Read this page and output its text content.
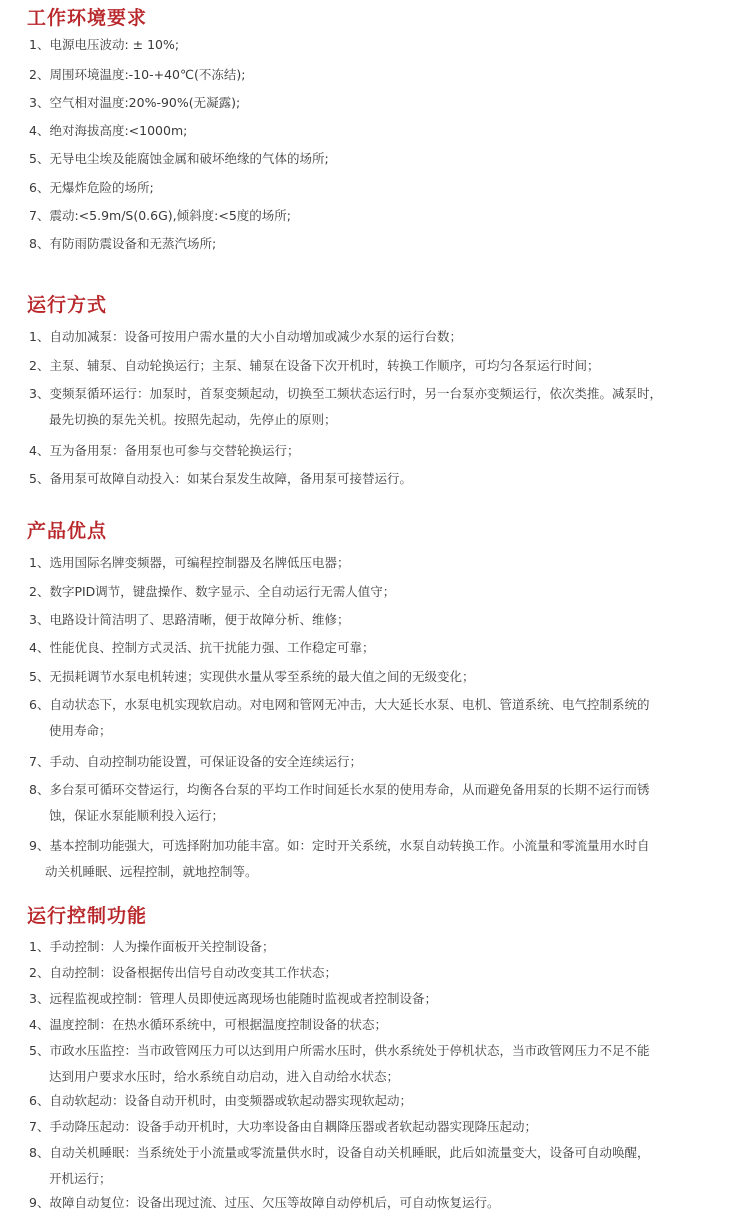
工作环境要求

1、电源电压波动: ± 10%;

2、周围环境温度:-10-+40℃(不冻结);

3、空气相对温度:20%-90%(无凝露);

4、绝对海拔高度:<1000m;

5、无导电尘埃及能腐蚀金属和破坏绝缘的气体的场所;

6、无爆炸危险的场所;

7、震动:<5.9m/S(0.6G),倾斜度:<5度的场所;

8、有防雨防震设备和无蒸汽场所;

运行方式

1、自动加减泵：设备可按用户需水量的大小自动增加或减少水泵的运行台数；

2、主泵、辅泵、自动轮换运行；主泵、辅泵在设备下次开机时，转换工作顺序，可均匀各泵运行时间；

3、变频泵循环运行：加泵时，首泵变频起动，切换至工频状态运行时，另一台泵亦变频运行，依次类推。减泵时，
最先切换的泵先关机。按照先起动，先停止的原则；

4、互为备用泵：备用泵也可参与交替轮换运行；

5、备用泵可故障自动投入：如某台泵发生故障，备用泵可接替运行。

产品优点

1、选用国际名牌变频器，可编程控制器及名牌低压电器；

2、数字PID调节，键盘操作、数字显示、全自动运行无需人值守；

3、电路设计简洁明了、思路清晰，便于故障分析、维修；

4、性能优良、控制方式灵活、抗干扰能力强、工作稳定可靠；

5、无损耗调节水泵电机转速；实现供水量从零至系统的最大值之间的无级变化；

6、自动状态下，水泵电机实现软启动。对电网和管网无冲击，大大延长水泵、电机、管道系统、电气控制系统的
使用寿命；

7、手动、自动控制功能设置，可保证设备的安全连续运行；

8、多台泵可循环交替运行，均衡各台泵的平均工作时间延长水泵的使用寿命，从而避免备用泵的长期不运行而锈
蚀，保证水泵能顺利投入运行；

9、基本控制功能强大，可选择附加功能丰富。如：定时开关系统，水泵自动转换工作。小流量和零流量用水时自
动关机睡眠、远程控制，就地控制等。

运行控制功能

1、手动控制：人为操作面板开关控制设备；

2、自动控制：设备根据传出信号自动改变其工作状态；

3、远程监视或控制：管理人员即使远离现场也能随时监视或者控制设备；

4、温度控制：在热水循环系统中，可根据温度控制设备的状态；

5、市政水压监控：当市政管网压力可以达到用户所需水压时，供水系统处于停机状态，当市政管网压力不足不能
达到用户要求水压时，给水系统自动启动，进入自动给水状态；

6、自动软起动：设备自动开机时，由变频器或软起动器实现软起动；

7、手动降压起动：设备手动开机时，大功率设备由自耦降压器或者软起动器实现降压起动；

8、自动关机睡眠：当系统处于小流量或零流量供水时，设备自动关机睡眠，此后如流量变大，设备可自动唤醒，
开机运行；

9、故障自动复位：设备出现过流、过压、欠压等故障自动停机后，可自动恢复运行。
